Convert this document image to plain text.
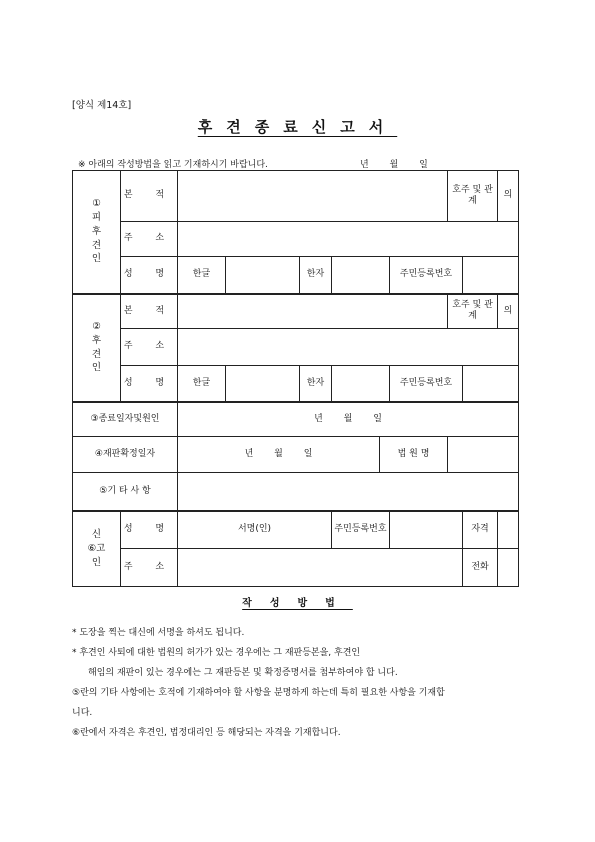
[양식 제14호]
후견종료신고서
※ 아래의 작성방법을 읽고 기재하시기 바랍니다.	년 월 일
①
피
후
견
인	본 적							호주 및 관계		의
	주 소									
	성 명	한글		한자			주민등록번호			
②
후
견
인	본 적							호주 및 관계		의
	주 소									
	성 명	한글		한자			주민등록번호			
③종료일자및원인		년 월 일								
④재판확정일자		년 월 일				법 원 명				
⑤기 타 사 항										
신
⑥고
인	성 명	서명(인)			주민등록번호				자격	
	주 소								전화	
작성방법
* 도장을 찍는 대신에 서명을 하셔도 됩니다.
* 후견인 사퇴에 대한 법원의 허가가 있는 경우에는 그 재판등본을, 후견인
해임의 재판이 있는 경우에는 그 재판등본 및 확정증명서를 첨부하여야 합 니다.
⑤란의 기타 사항에는 호적에 기재하여야 할 사항을 분명하게 하는데 특히 필요한 사항을 기재합
니다.
⑥란에서 자격은 후견인, 법정대리인 등 해당되는 자격을 기재합니다.
